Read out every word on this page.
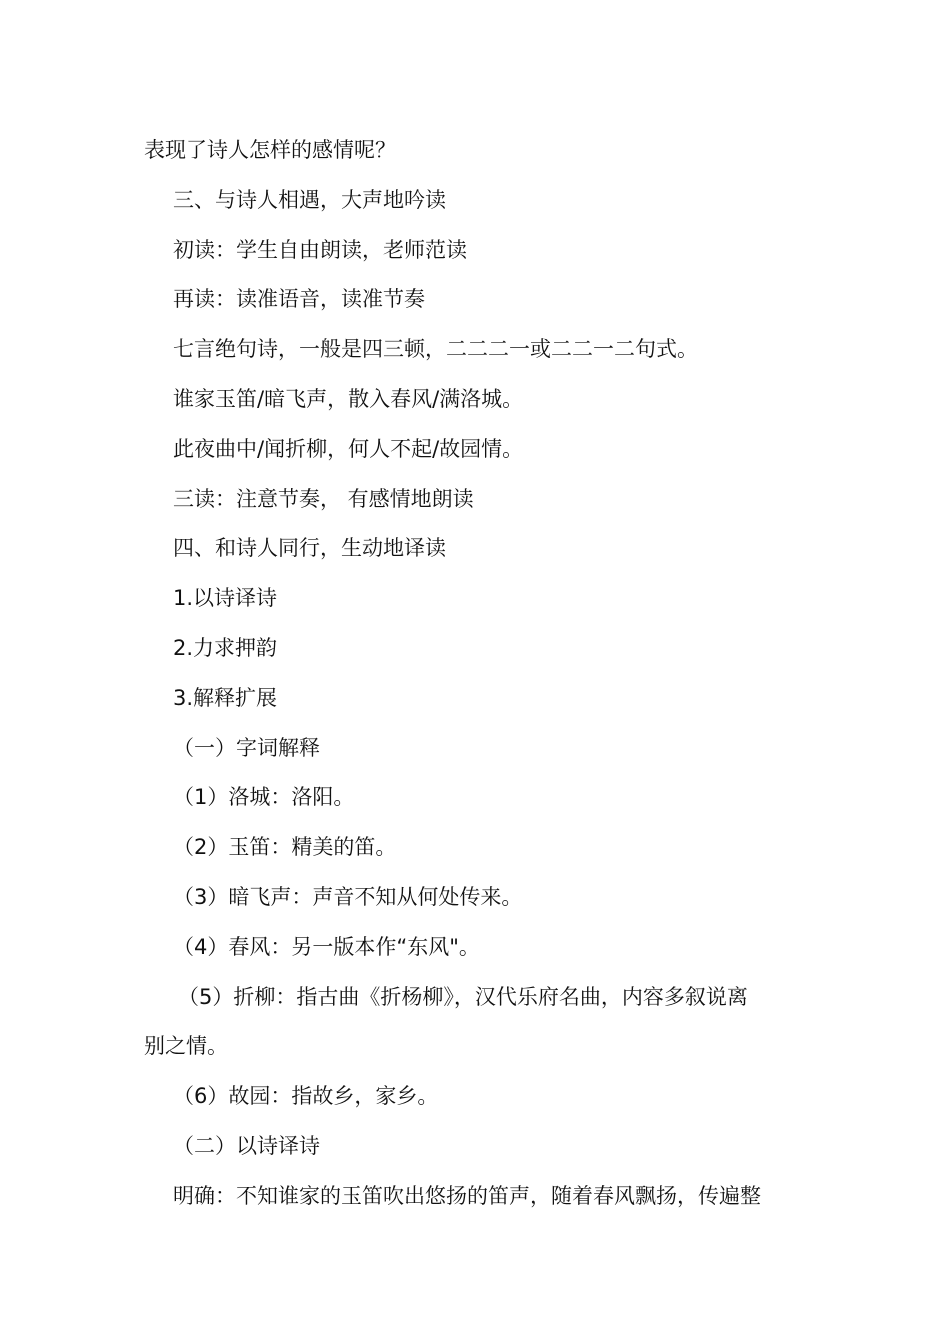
表现了诗人怎样的感情呢？

三、与诗人相遇，大声地吟读

初读：学生自由朗读，老师范读

再读：读准语音，读准节奏

七言绝句诗，一般是四三顿，二二二一或二二一二句式。

谁家玉笛/暗飞声，散入春风/满洛城。

此夜曲中/闻折柳，何人不起/故园情。

三读：注意节奏， 有感情地朗读

四、和诗人同行，生动地译读

1.以诗译诗

2.力求押韵

3.解释扩展

（一）字词解释

（1）洛城：洛阳。

（2）玉笛：精美的笛。

（3）暗飞声：声音不知从何处传来。

（4）春风：另一版本作“东风"。

（5）折柳：指古曲《折杨柳》，汉代乐府名曲，内容多叙说离

别之情。

（6）故园：指故乡，家乡。

（二）以诗译诗

明确：不知谁家的玉笛吹出悠扬的笛声，随着春风飘扬，传遍整
